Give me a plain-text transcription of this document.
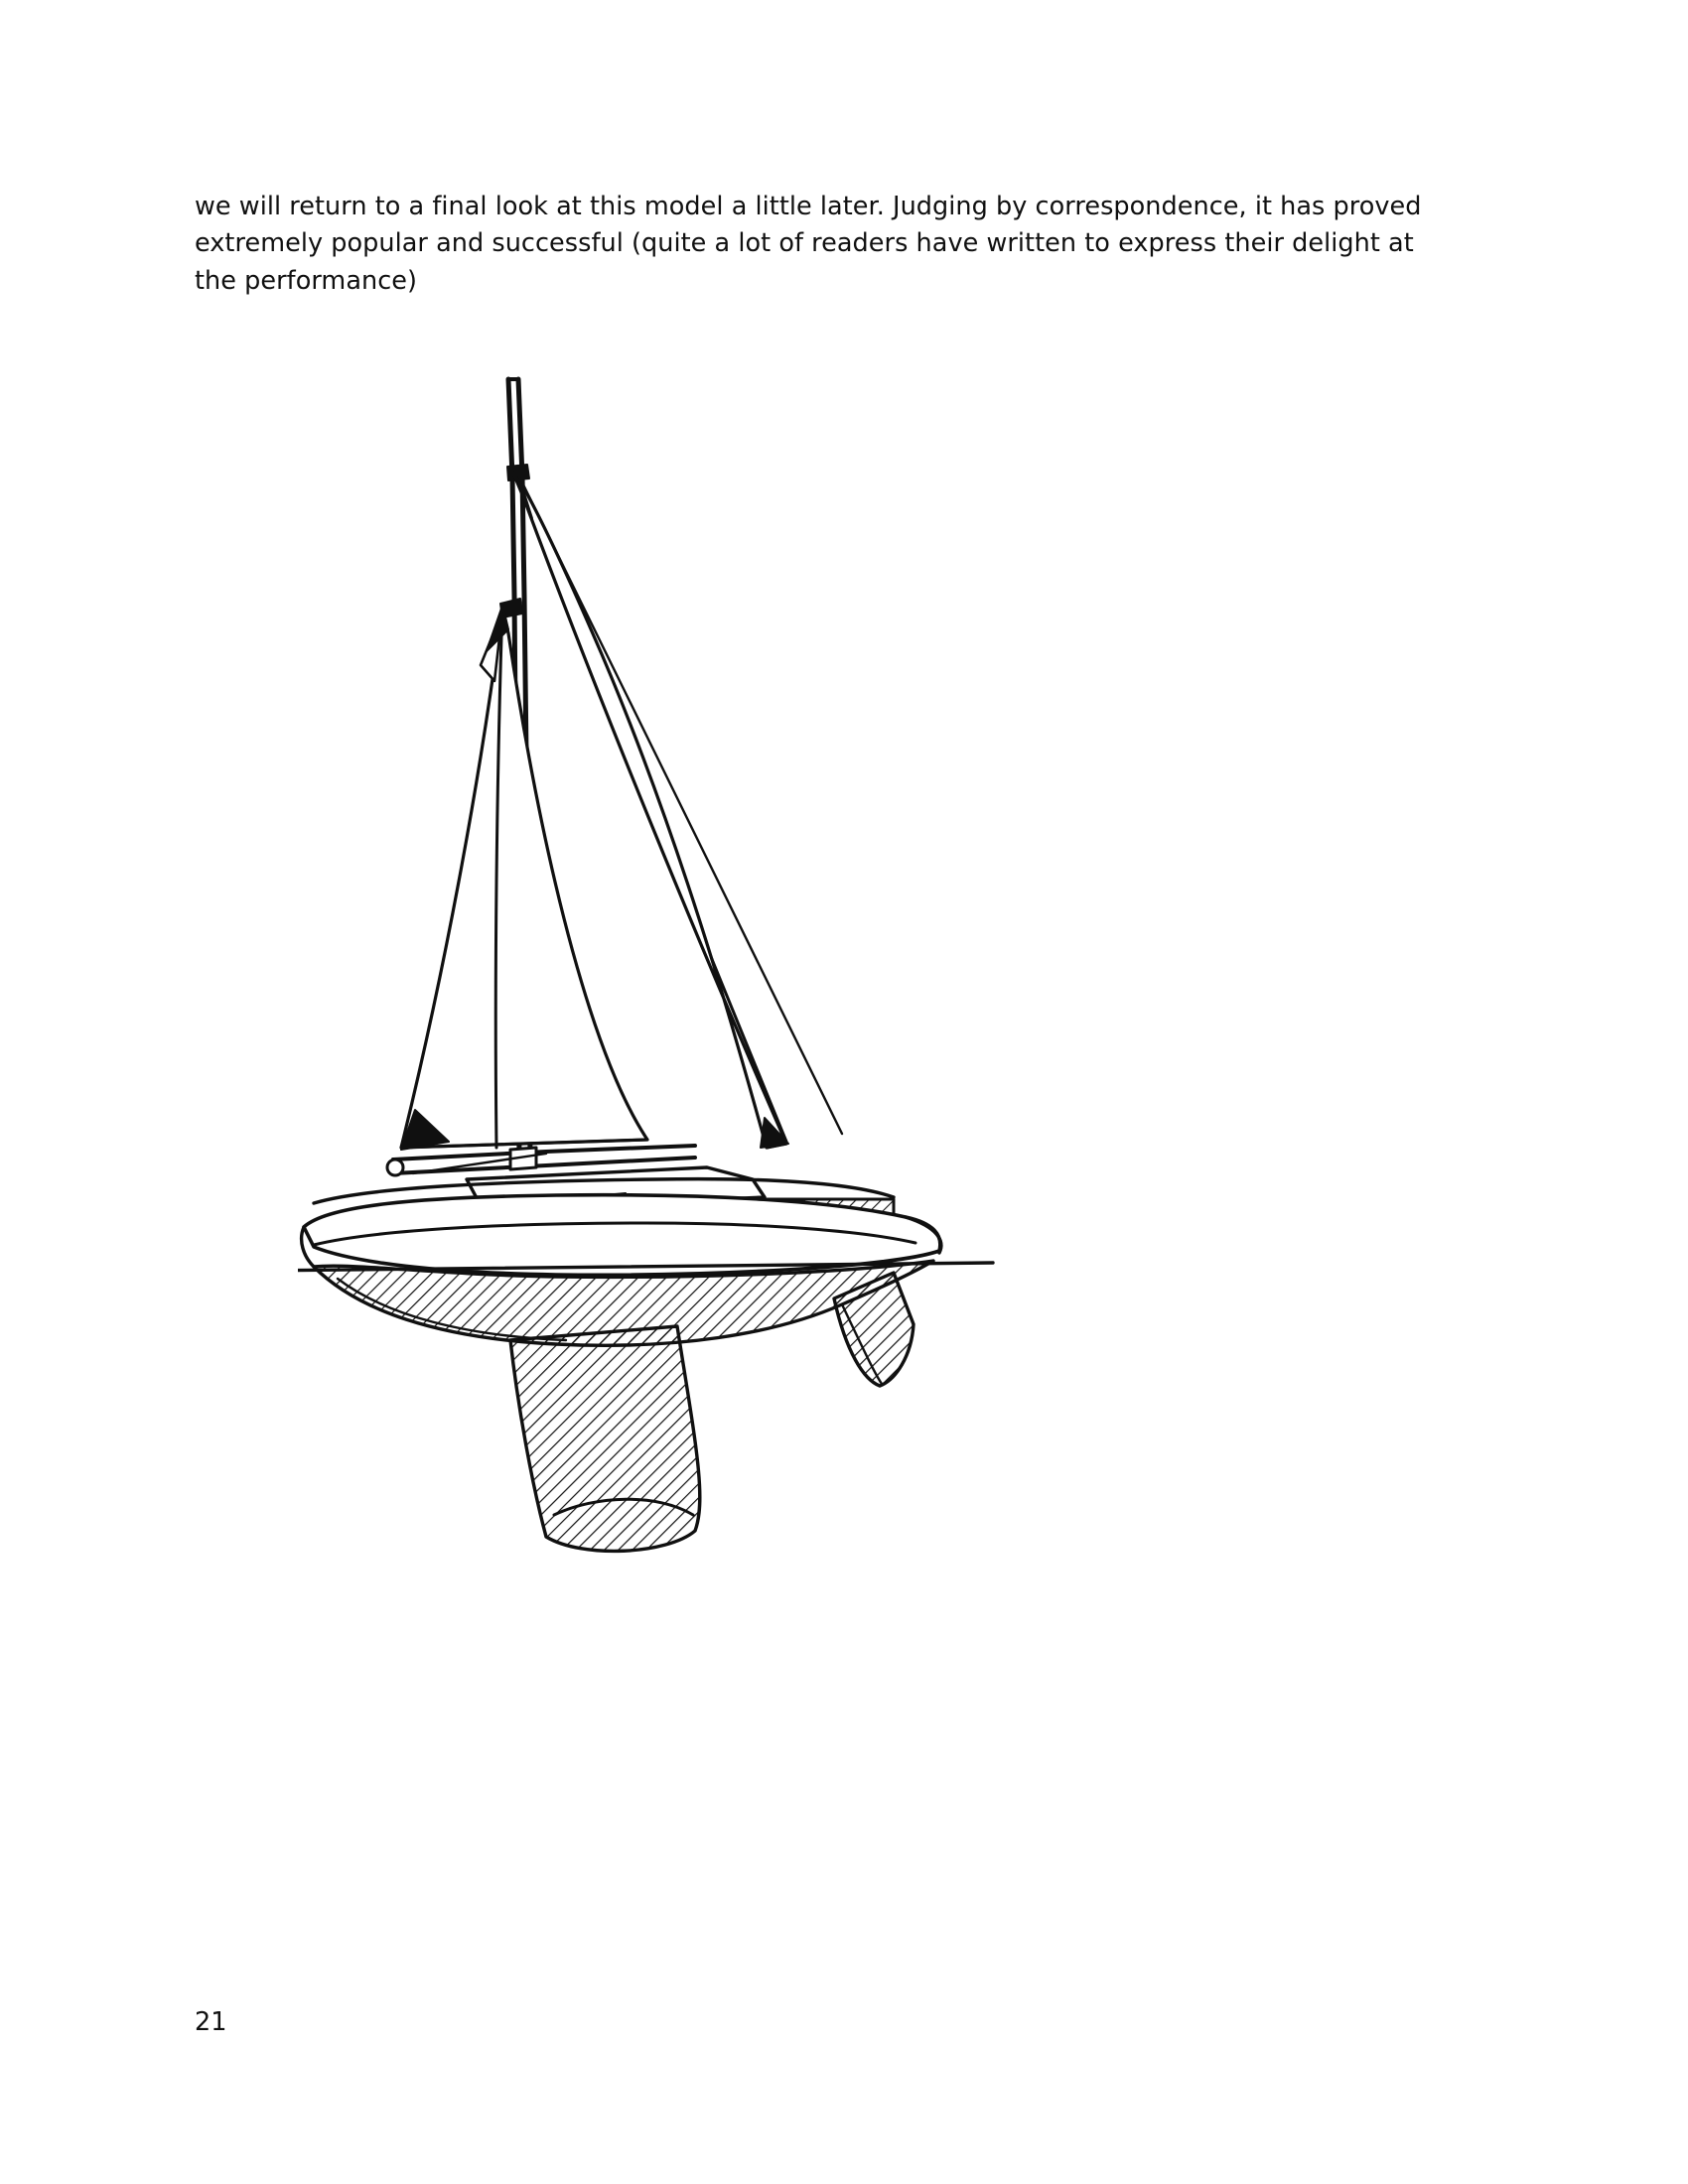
we will return to a final look at this model a little later. Judging by correspondence, it has proved extremely popular and successful (quite a lot of readers have written to express their delight at the performance)
21
